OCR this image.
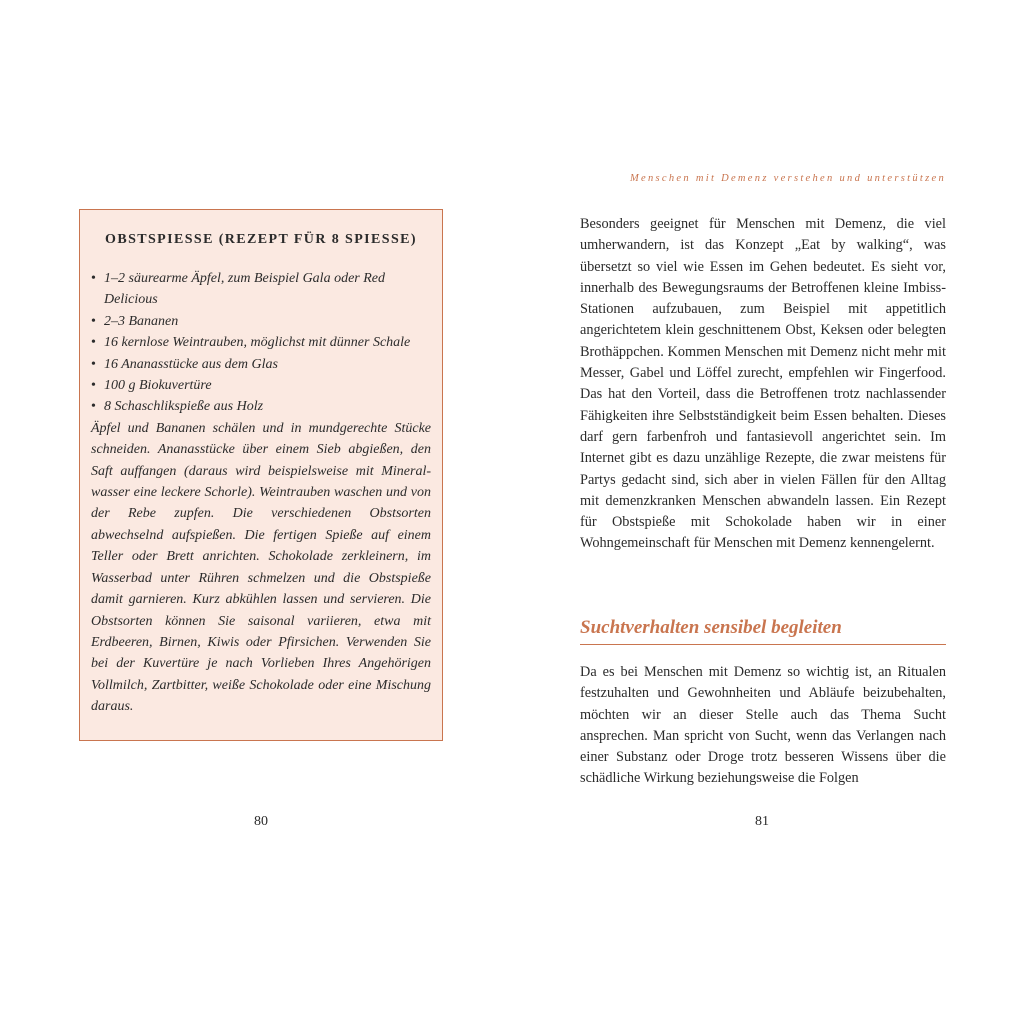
OBSTSPIESSE (REZEPT FÜR 8 SPIESSE)
• 1–2 säurearme Äpfel, zum Beispiel Gala oder Red Delicious
• 2–3 Bananen
• 16 kernlose Weintrauben, möglichst mit dünner Schale
• 16 Ananasstücke aus dem Glas
• 100 g Biokuvertüre
• 8 Schaschlikspieße aus Holz

Äpfel und Bananen schälen und in mundgerechte Stücke schneiden. Ananasstücke über einem Sieb abgießen, den Saft auffangen (daraus wird beispielsweise mit Mineralwasser eine leckere Schorle). Weintrauben waschen und von der Rebe zupfen. Die verschiedenen Obstsorten abwechselnd aufspießen. Die fertigen Spieße auf einem Teller oder Brett anrichten. Schokolade zerkleinern, im Wasserbad unter Rühren schmelzen und die Obstspieße damit garnieren. Kurz abkühlen lassen und servieren. Die Obstsorten können Sie saisonal variieren, etwa mit Erdbeeren, Birnen, Kiwis oder Pfirsichen. Verwenden Sie bei der Kuvertüre je nach Vorlieben Ihres Angehörigen Vollmilch, Zartbitter, weiße Schokolade oder eine Mischung daraus.

80
Menschen mit Demenz verstehen und unterstützen

Besonders geeignet für Menschen mit Demenz, die viel umherwandern, ist das Konzept „Eat by walking“, was übersetzt so viel wie Essen im Gehen bedeutet. Es sieht vor, innerhalb des Bewegungsraums der Betroffenen kleine Imbiss-Stationen aufzubauen, zum Beispiel mit appetitlich angerichtetem klein geschnittenem Obst, Keksen oder belegten Brothäppchen. Kommen Menschen mit Demenz nicht mehr mit Messer, Gabel und Löffel zurecht, empfehlen wir Fingerfood. Das hat den Vorteil, dass die Betroffenen trotz nachlassender Fähigkeiten ihre Selbstständigkeit beim Essen behalten. Dieses darf gern farbenfroh und fantasievoll angerichtet sein. Im Internet gibt es dazu unzählige Rezepte, die zwar meistens für Partys gedacht sind, sich aber in vielen Fällen für den Alltag mit demenzkranken Menschen abwandeln lassen. Ein Rezept für Obstspieße mit Schokolade haben wir in einer Wohngemeinschaft für Menschen mit Demenz kennengelernt.

Suchtverhalten sensibel begleiten

Da es bei Menschen mit Demenz so wichtig ist, an Ritualen festzuhalten und Gewohnheiten und Abläufe beizubehalten, möchten wir an dieser Stelle auch das Thema Sucht ansprechen. Man spricht von Sucht, wenn das Verlangen nach einer Substanz oder Droge trotz besseren Wissens über die schädliche Wirkung beziehungsweise die Folgen

81
